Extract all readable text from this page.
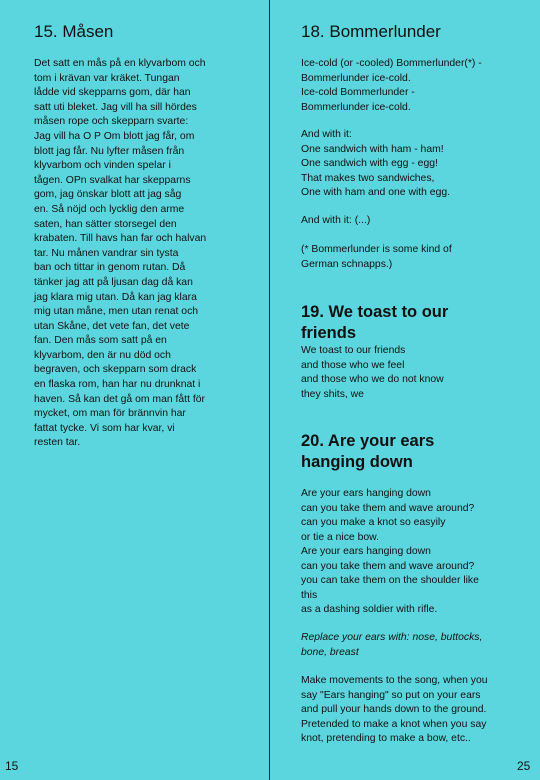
15. Måsen
Det satt en mås på en klyvarbom och
tom i krävan var kräket. Tungan
lådde vid skepparns gom, där han
satt uti bleket. Jag vill ha sill hördes
måsen rope och skepparn svarte:
Jag vill ha O P Om blott jag får, om
blott jag får. Nu lyfter måsen från
klyvarbom och vinden spelar i
tågen. OPn svalkat har skepparns
gom, jag önskar blott att jag såg
en. Så nöjd och lycklig den arme
saten, han sätter storsegel den
krabaten. Till havs han far och halvan
tar. Nu månen vandrar sin tysta
ban och tittar in genom rutan. Då
tänker jag att på ljusan dag då kan
jag klara mig utan. Då kan jag klara
mig utan måne, men utan renat och
utan Skåne, det vete fan, det vete
fan. Den mås som satt på en
klyvarbom, den är nu död och
begraven, och skepparn som drack
en flaska rom, han har nu drunknat i
haven. Så kan det gå om man fått för
mycket, om man för brännvin har
fattat tycke. Vi som har kvar, vi
resten tar.
18. Bommerlunder
Ice-cold (or -cooled) Bommerlunder(*) -
Bommerlunder ice-cold.
Ice-cold Bommerlunder -
Bommerlunder ice-cold.
And with it:
One sandwich with ham - ham!
One sandwich with egg - egg!
That makes two sandwiches,
One with ham and one with egg.
And with it: (...)
(* Bommerlunder is some kind of
German schnapps.)
19. We toast to our
friends
We toast to our friends
and those who we feel
and those who we do not know
they shits, we
20. Are your ears
hanging down
Are your ears hanging down
can you take them and wave around?
can you make a knot so easyily
or tie a nice bow.
Are your ears hanging down
can you take them and wave around?
you can take them on the shoulder like
this
as a dashing soldier with rifle.
Replace your ears with: nose, buttocks,
bone, breast
Make movements to the song, when you
say "Ears hanging" so put on your ears
and pull your hands down to the ground.
Pretended to make a knot when you say
knot, pretending to make a bow, etc..
15	25
